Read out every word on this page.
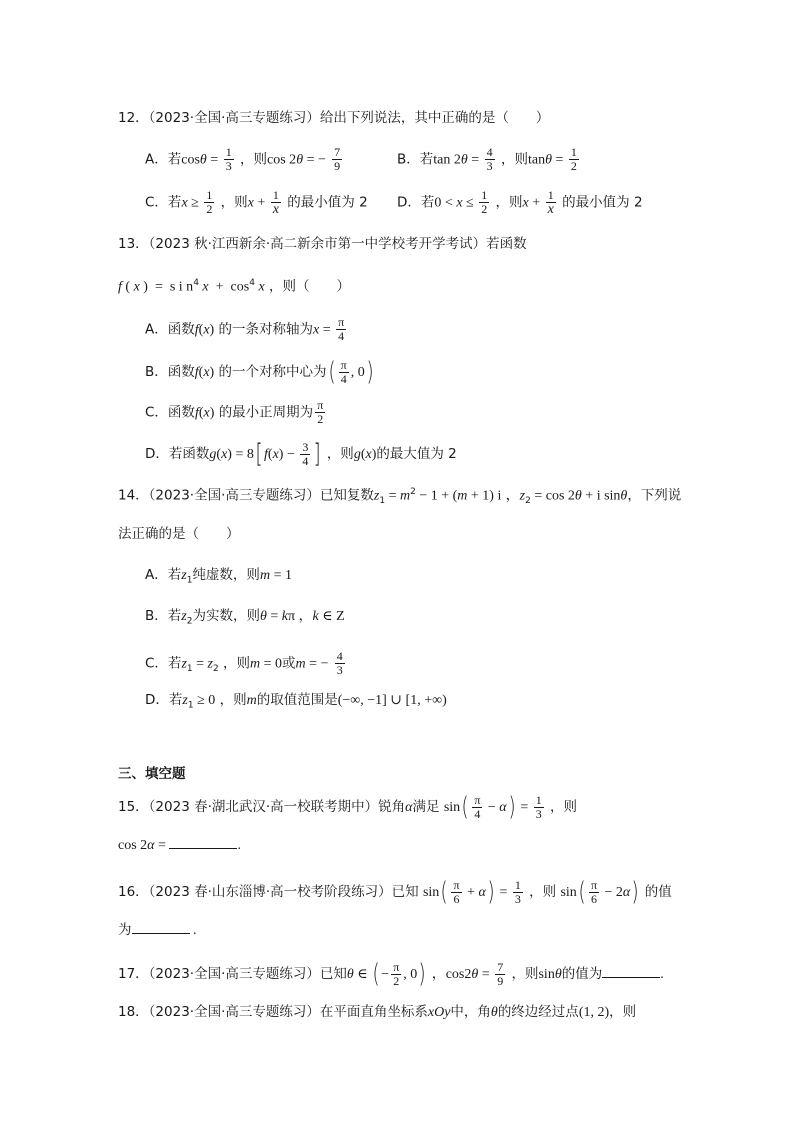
12．（2023·全国·高三专题练习）给出下列说法，其中正确的是（　　）
A．若$\cos\theta = \frac{1}{3}$ ，则cos 2θ = − $\frac{7}{9}$	B．若$\tan 2\theta = \frac{4}{3}$ ，则$\tan\theta = \frac{1}{2}$
C．若$x \ge \frac{1}{2}$ ，则$x + \frac{1}{x}$ 的最小值为 2 D．若$0 < x \le \frac{1}{2}$ ，则$x + \frac{1}{x}$ 的最小值为 2
13．（2023 秋·江西新余·高二新余市第一中学校考开学考试）若函数
f ( x )  =  s i $n^4$ $x + \cos^4 x$ ，则（　　）
A．函数f(x) 的一条对称轴为$x = \frac{\pi}{4}$
B．函数f(x) 的一个对称中心为( $\frac{\pi}{4}$ , 0)
C．函数f(x) 的最小正周期为 $\frac{\pi}{2}$
D．若函数g(x) = 8[ $f(x) - \frac{3}{4}$ ] ，则g(x)的最大值为 2
14．（2023·全国·高三专题练习）已知复数$z_1 = m^2 - 1 + (m + 1)$ i ，$z_2 = \cos 2\theta + i$ sinθ，下列说
法正确的是（　　）
A．若$z_1$纯虚数，则m = 1
B．若$z_2$为实数，则θ = kπ ，k ∈ Z
C．若$z_1 = z_2$ ，则m = 0或m = − $\frac{4}{3}$
D．若$z_1 \ge 0$ ，则m的取值范围是(−∞, −1] ∪ [1, +∞)
三、填空题
15．（2023 春·湖北武汉·高一校联考期中）锐角α满足 $\sin( \frac{\pi}{4} - \alpha) = \frac{1}{3}$ ，则
cos 2α =	.
16．（2023 春·山东淄博·高一校考阶段练习）已知 $\sin( \frac{\pi}{6} + \alpha) = \frac{1}{3}$ ，则 $\sin( \frac{\pi}{6} - 2\alpha)$ 的值
为	.
17．（2023·全国·高三专题练习）已知θ ∈ ( − $\frac{\pi}{2}$ , 0) ，$\cos 2\theta = \frac{7}{9}$ ，则sinθ的值为	.
18．（2023·全国·高三专题练习）在平面直角坐标系xOy中，角θ的终边经过点(1, 2)，则
